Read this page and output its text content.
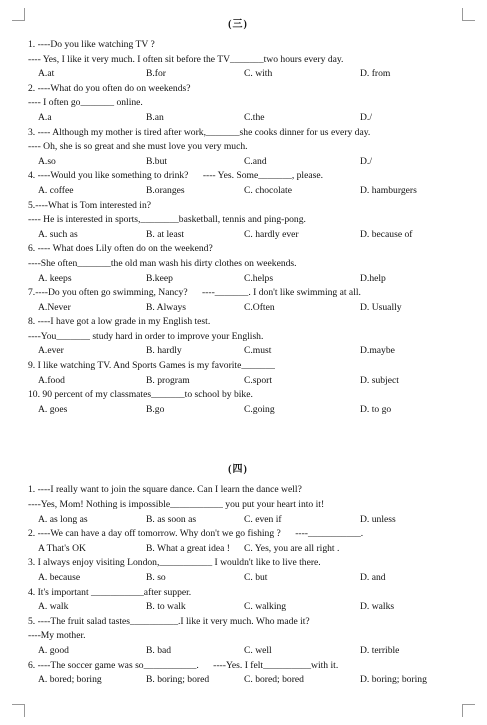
(三)
1. ----Do you like watching TV ?
---- Yes, I like it very much. I often sit before the TV_______two hours every day.
A.at	B.for	C. with	D. from
2. ----What do you often do on weekends?
---- I often go_______ online.
A.a	B.an	C.the	D./
3. ---- Although my mother is tired after work,_______she cooks dinner for us every day.
---- Oh, she is so great and she must love you very much.
A.so	B.but	C.and	D./
4. ----Would you like something to drink?      ---- Yes. Some_______, please.
A. coffee	B.oranges	C. chocolate	D. hamburgers
5.----What is Tom interested in?
---- He is interested in sports,________basketball, tennis and ping-pong.
A. such as	B. at least	C. hardly ever	D. because of
6. ---- What does Lily often do on the weekend?
----She often_______the old man wash his dirty clothes on weekends.
A. keeps	B.keep	C.helps	D.help
7.----Do you often go swimming, Nancy?      ----_______. I don't like swimming at all.
A.Never	B. Always	C.Often	D. Usually
8. ----I have got a low grade in my English test.
----You_______ study hard in order to improve your English.
A.ever	B. hardly	C.must	D.maybe
9. I like watching TV. And Sports Games is my favorite_______
A.food	B. program	C.sport	D. subject
10. 90 percent of my classmates_______to school by bike.
A. goes	B.go	C.going	D. to go
(四)
1. ----I really want to join the square dance. Can I learn the dance well?
----Yes, Mom! Nothing is impossible___________ you put your heart into it!
A. as long as	B. as soon as	C. even if	D. unless
2. ----We can have a day off tomorrow. Why don't we go fishing ?      ----___________.
A That's OK	B. What a great idea ! C. Yes, you are all right .
3. I always enjoy visiting London,___________ I wouldn't like to live there.
A. because	B. so	C. but	D. and
4. It's important ___________after supper.
A. walk	B. to walk	C. walking	D. walks
5. ----The fruit salad tastes__________.I like it very much. Who made it?
----My mother.
A. good	B. bad	C. well	D. terrible
6. ----The soccer game was so___________.      ----Yes. I felt__________with it.
A. bored; boring	B. boring; bored	C. bored; bored	D. boring; boring
